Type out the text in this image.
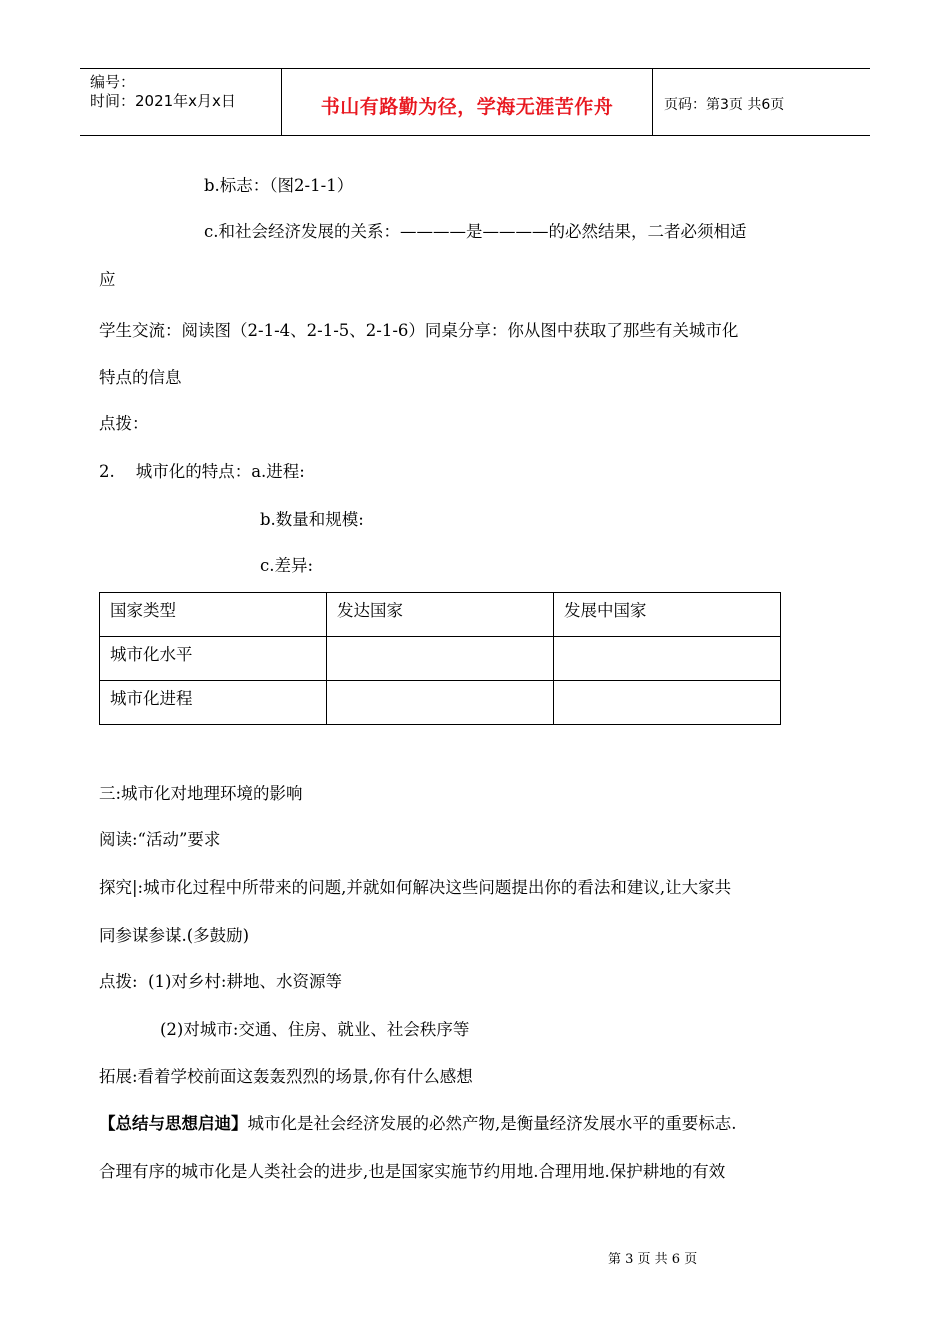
编号：
时间：2021年x月x日	书山有路勤为径，学海无涯苦作舟	页码：第3页 共6页
b.标志：（图2-1-1）
c.和社会经济发展的关系：————是————的必然结果，二者必须相适
应
学生交流：阅读图（2-1-4、2-1-5、2-1-6）同桌分享：你从图中获取了那些有关城市化
特点的信息
点拨：
2.    城市化的特点：a.进程:
b.数量和规模:
c.差异:
国家类型	发达国家	发展中国家
城市化水平		
城市化进程		
三:城市化对地理环境的影响
阅读:“活动”要求
探究|:城市化过程中所带来的问题,并就如何解决这些问题提出你的看法和建议,让大家共
同参谋参谋.(多鼓励)
点拨:  (1)对乡村:耕地、水资源等
(2)对城市:交通、住房、就业、社会秩序等
拓展:看着学校前面这轰轰烈烈的场景,你有什么感想
【总结与思想启迪】城市化是社会经济发展的必然产物,是衡量经济发展水平的重要标志.
合理有序的城市化是人类社会的进步,也是国家实施节约用地.合理用地.保护耕地的有效
第 3 页 共 6 页
